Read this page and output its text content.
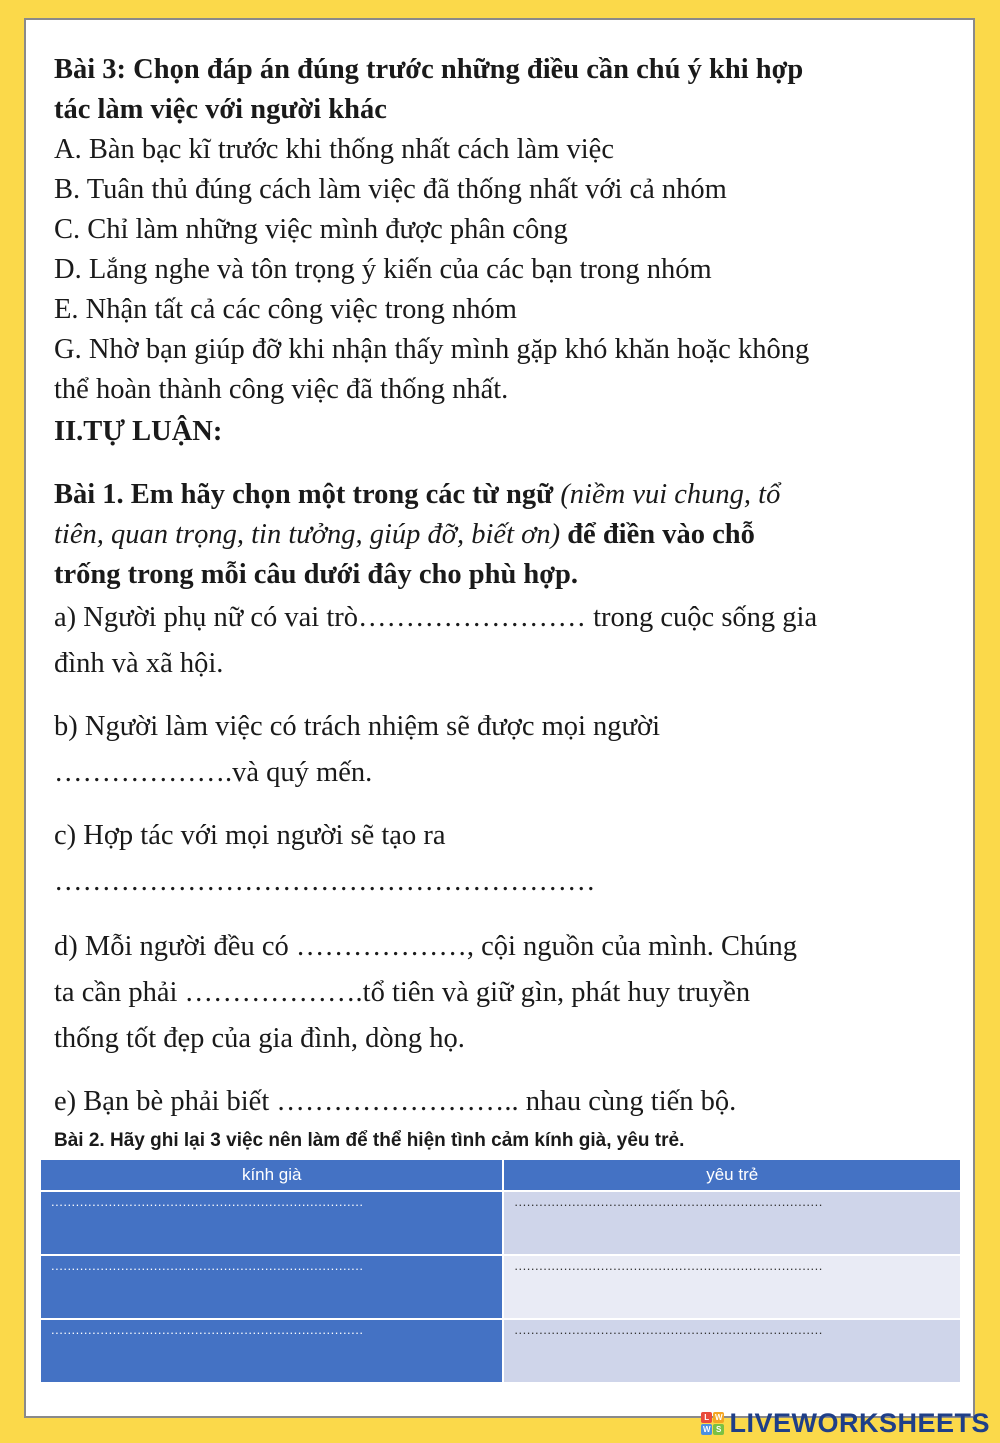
Bài 3: Chọn đáp án đúng trước những điều cần chú ý khi hợp
tác làm việc với người khác
A. Bàn bạc kĩ trước khi thống nhất cách làm việc
B. Tuân thủ đúng cách làm việc đã thống nhất với cả nhóm
C. Chỉ làm những việc mình được phân công
D. Lắng nghe và tôn trọng ý kiến của các bạn trong nhóm
E. Nhận tất cả các công việc trong nhóm
G. Nhờ bạn giúp đỡ khi nhận thấy mình gặp khó khăn hoặc không
thể hoàn thành công việc đã thống nhất.
II.TỰ LUẬN:
Bài 1. Em hãy chọn một trong các từ ngữ (niềm vui chung, tổ
tiên, quan trọng, tin tưởng, giúp đỡ, biết ơn) để điền vào chỗ
trống trong mỗi câu dưới đây cho phù hợp.
a) Người phụ nữ có vai trò…………………… trong cuộc sống gia
đình và xã hội.
b) Người làm việc có trách nhiệm sẽ được mọi người
……………….và quý mến.
c) Hợp tác với mọi người sẽ tạo ra
…………………………………………………
d) Mỗi người đều có ………………, cội nguồn của mình. Chúng
ta cần phải ……………….tổ tiên và giữ gìn, phát huy truyền
thống tốt đẹp của gia đình, dòng họ.
e) Bạn bè phải biết …………………….. nhau cùng tiến bộ.
Bài 2. Hãy ghi lại 3 việc nên làm để thể hiện tình cảm kính già, yêu trẻ.
kính già	yêu trẻ

............................................................................	...........................................................................

............................................................................	...........................................................................

............................................................................	...........................................................................
L W
W S LIVEWORKSHEETS
